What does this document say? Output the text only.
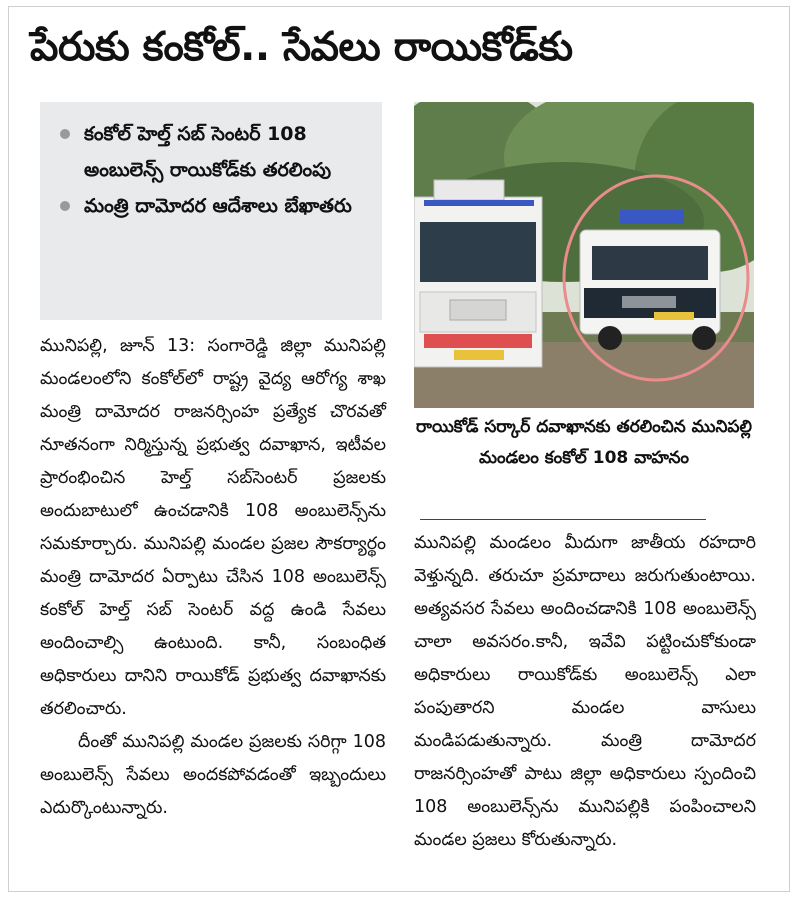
పేరుకు కంకోల్.. సేవలు రాయికోడ్‌కు
కంకోల్ హెల్త్ సబ్ సెంటర్ 108 అంబులెన్స్ రాయికోడ్‌కు తరలింపు
మంత్రి దామోదర ఆదేశాలు బేఖాతరు
రాయికోడ్ సర్కార్ దవాఖానకు తరలించిన మునిపల్లి మండలం కంకోల్ 108 వాహనం

మునిపల్లి, జూన్ 13: సంగారెడ్డి జిల్లా మునిపల్లి మండలంలోని కంకోల్‌లో రాష్ట్ర వైద్య ఆరోగ్య శాఖ మంత్రి దామోదర రాజనర్సింహ ప్రత్యేక చొరవతో నూతనంగా నిర్మిస్తున్న ప్రభుత్వ దవాఖాన, ఇటీవల ప్రారంభించిన హెల్త్ సబ్‌సెంటర్ ప్రజలకు అందుబాటులో ఉంచడానికి 108 అంబులెన్స్‌ను సమకూర్చారు. మునిపల్లి మండల ప్రజల సౌకర్యార్థం మంత్రి దామోదర ఏర్పాటు చేసిన 108 అంబులెన్స్ కంకోల్ హెల్త్ సబ్ సెంటర్ వద్ద ఉండి సేవలు అందించాల్సి ఉంటుంది. కానీ, సంబంధిత అధికారులు దానిని రాయికోడ్ ప్రభుత్వ దవాఖానకు తరలించారు.

దీంతో మునిపల్లి మండల ప్రజలకు సరిగ్గా 108 అంబులెన్స్ సేవలు అందకపోవడంతో ఇబ్బందులు ఎదుర్కొంటున్నారు.

మునిపల్లి మండలం మీదుగా జాతీయ రహదారి వెళ్తున్నది. తరుచూ ప్రమాదాలు జరుగుతుంటాయి. అత్యవసర సేవలు అందించడానికి 108 అంబులెన్స్ చాలా అవసరం.కానీ, ఇవేవి పట్టించుకోకుండా అధికారులు రాయికోడ్‌కు అంబులెన్స్ ఎలా పంపుతారని మండల వాసులు మండిపడుతున్నారు. మంత్రి దామోదర రాజనర్సింహతో పాటు జిల్లా అధికారులు స్పందించి 108 అంబులెన్స్‌ను మునిపల్లికి పంపించాలని మండల ప్రజలు కోరుతున్నారు.
